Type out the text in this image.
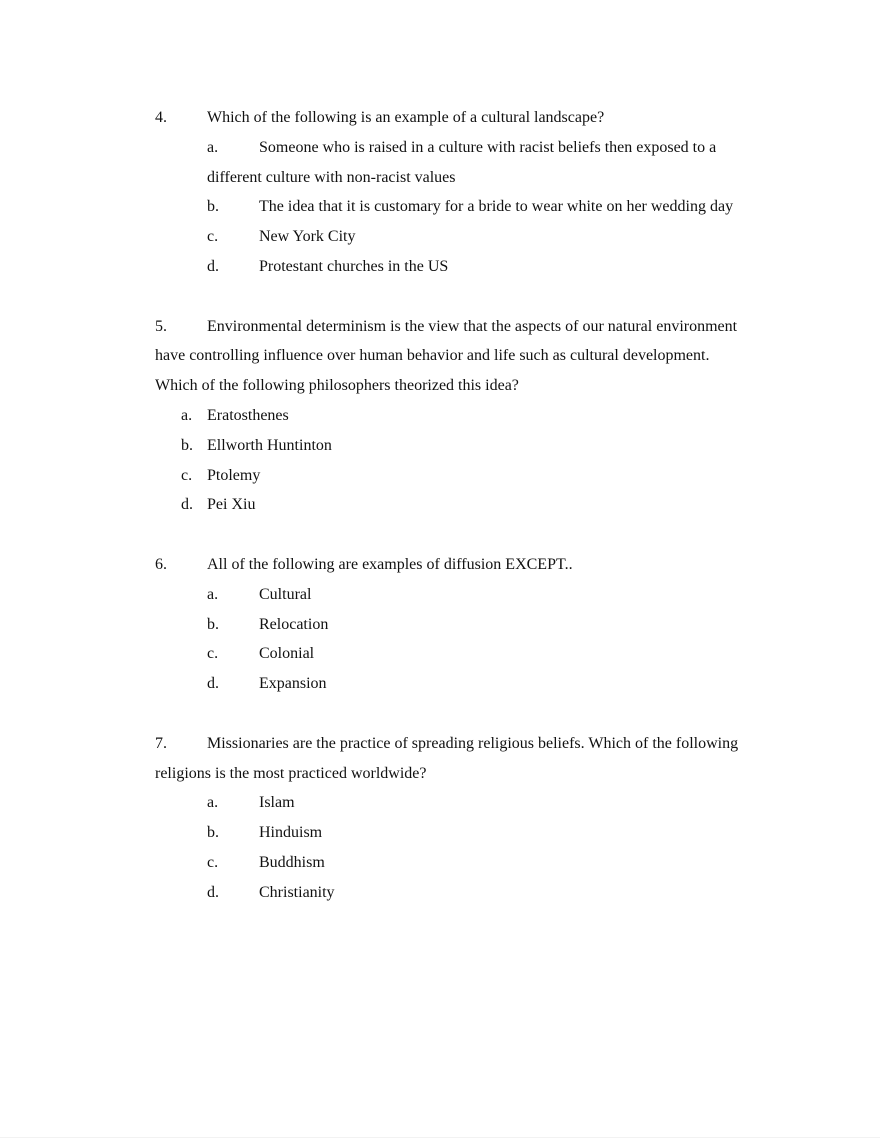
4.	Which of the following is an example of a cultural landscape?
a.	Someone who is raised in a culture with racist beliefs then exposed to a
different culture with non-racist values
b.	The idea that it is customary for a bride to wear white on her wedding day
c.	New York City
d.	Protestant churches in the US
5.	Environmental determinism is the view that the aspects of our natural environment
have controlling influence over human behavior and life such as cultural development.
Which of the following philosophers theorized this idea?
a. Eratosthenes
b. Ellworth Huntinton
c. Ptolemy
d. Pei Xiu
6.	All of the following are examples of diffusion EXCEPT..
a.	Cultural
b.	Relocation
c.	Colonial
d.	Expansion
7.	Missionaries are the practice of spreading religious beliefs. Which of the following
religions is the most practiced worldwide?
a.	Islam
b.	Hinduism
c.	Buddhism
d.	Christianity
